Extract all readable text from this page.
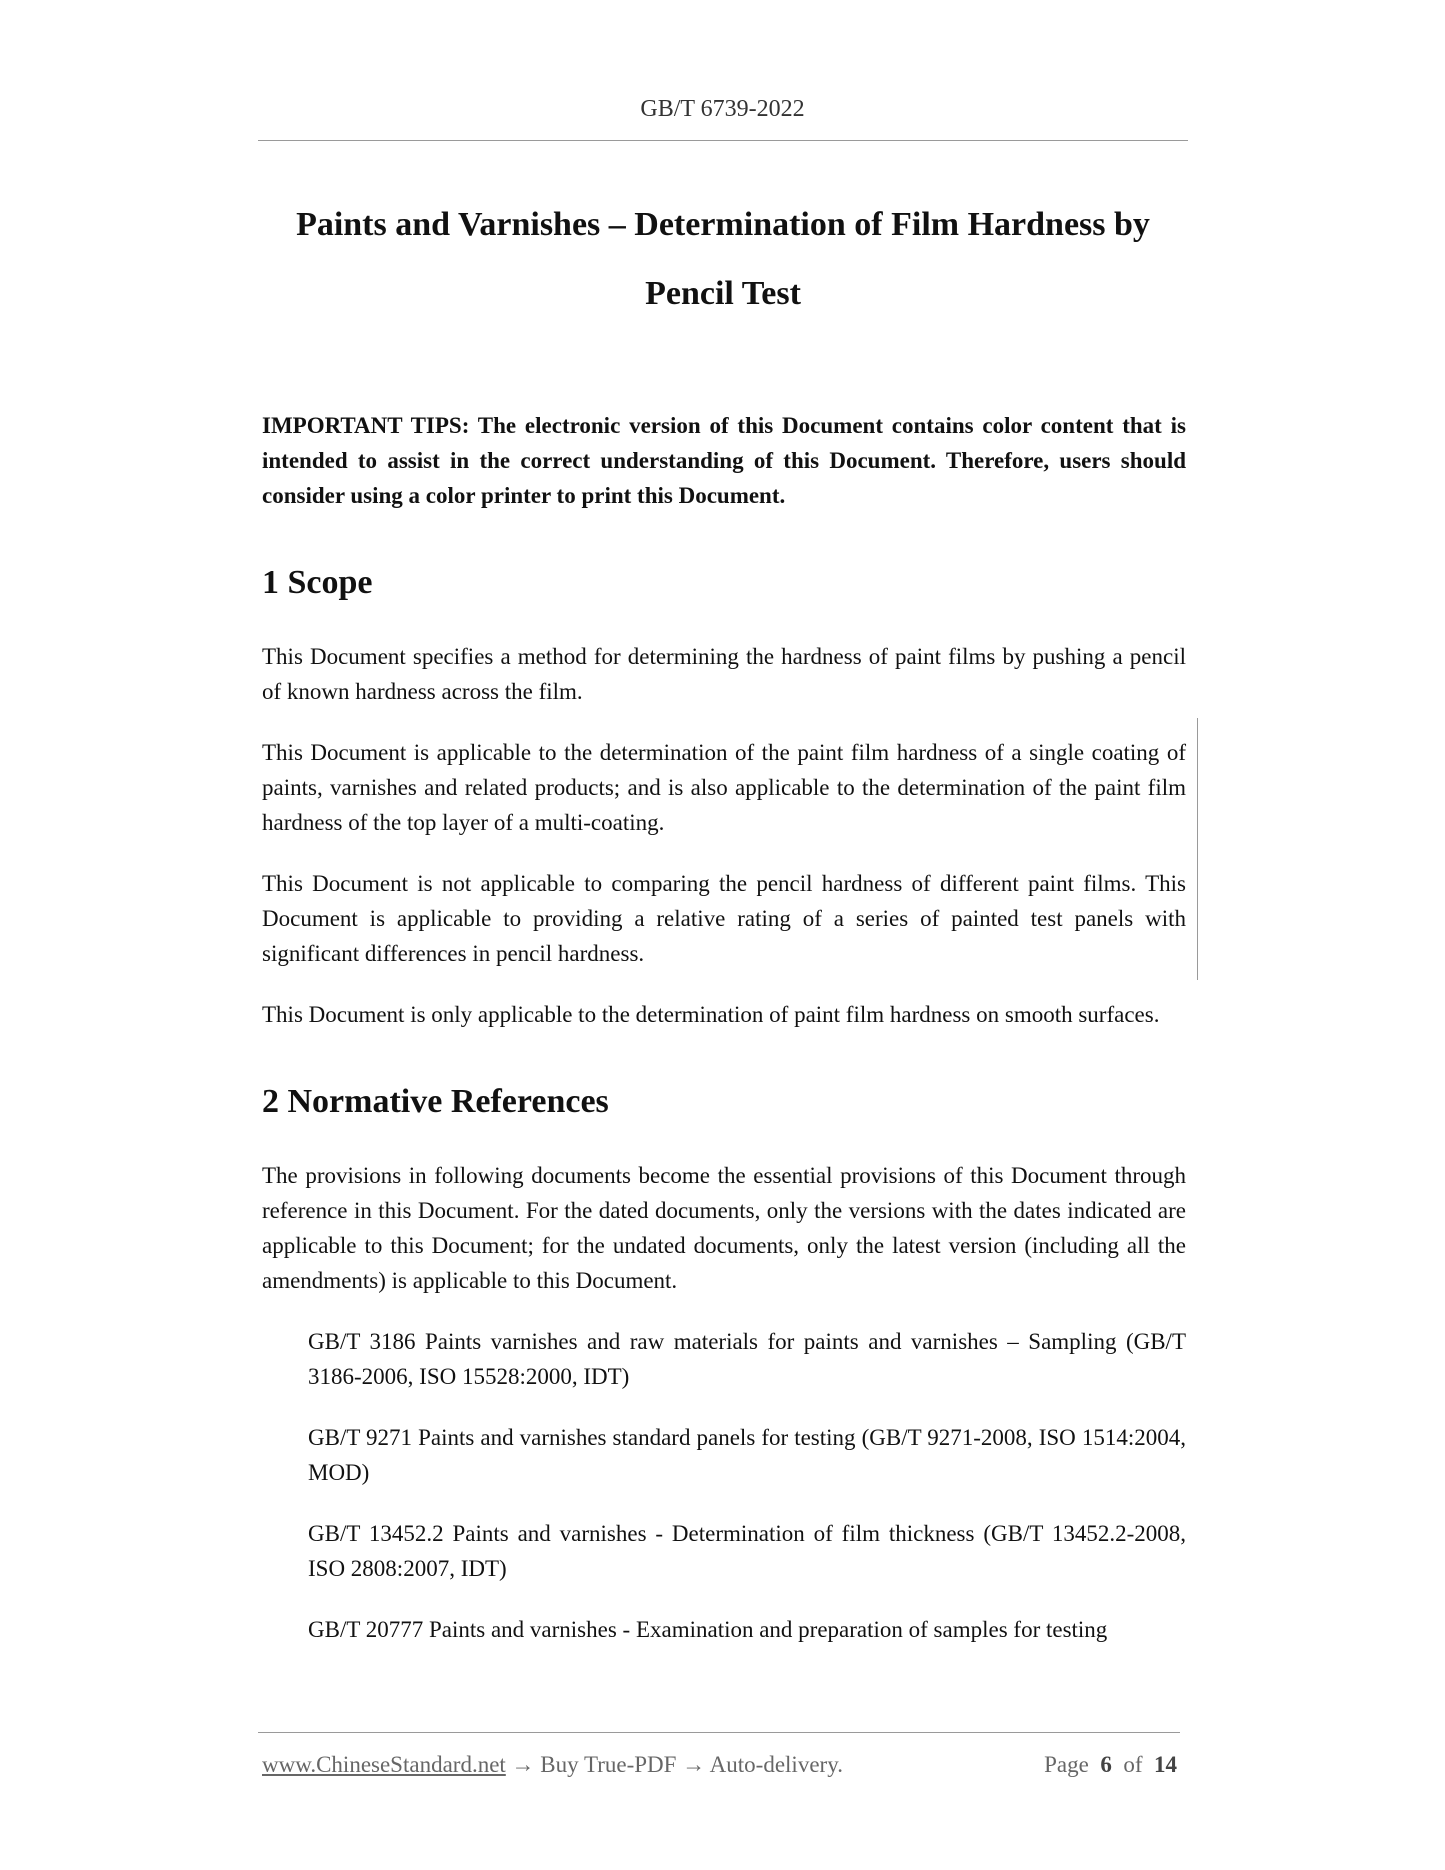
GB/T 6739-2022
Paints and Varnishes – Determination of Film Hardness by Pencil Test

IMPORTANT TIPS: The electronic version of this Document contains color content that is intended to assist in the correct understanding of this Document. Therefore, users should consider using a color printer to print this Document.

1 Scope

This Document specifies a method for determining the hardness of paint films by pushing a pencil of known hardness across the film.

This Document is applicable to the determination of the paint film hardness of a single coating of paints, varnishes and related products; and is also applicable to the determination of the paint film hardness of the top layer of a multi-coating.

This Document is not applicable to comparing the pencil hardness of different paint films. This Document is applicable to providing a relative rating of a series of painted test panels with significant differences in pencil hardness.

This Document is only applicable to the determination of paint film hardness on smooth surfaces.

2 Normative References

The provisions in following documents become the essential provisions of this Document through reference in this Document. For the dated documents, only the versions with the dates indicated are applicable to this Document; for the undated documents, only the latest version (including all the amendments) is applicable to this Document.

GB/T 3186 Paints varnishes and raw materials for paints and varnishes – Sampling (GB/T 3186-2006, ISO 15528:2000, IDT)

GB/T 9271 Paints and varnishes standard panels for testing (GB/T 9271-2008, ISO 1514:2004, MOD)

GB/T 13452.2 Paints and varnishes - Determination of film thickness (GB/T 13452.2-2008, ISO 2808:2007, IDT)

GB/T 20777 Paints and varnishes - Examination and preparation of samples for testing

www.ChineseStandard.net → Buy True-PDF → Auto-delivery.	Page 6 of 14
